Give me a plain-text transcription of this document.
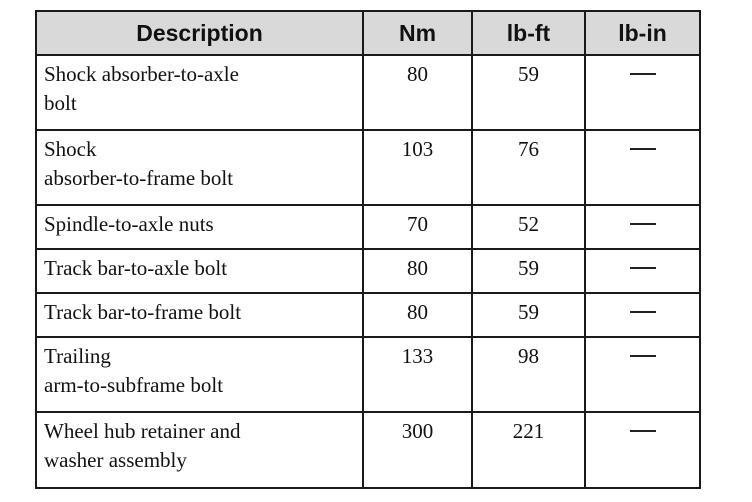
Description	Nm	lb-ft	lb-in
Shock absorber-to-axle
bolt	80	59	
Shock
absorber-to-frame bolt	103	76	
Spindle-to-axle nuts	70	52	
Track bar-to-axle bolt	80	59	
Track bar-to-frame bolt	80	59	
Trailing
arm-to-subframe bolt	133	98	
Wheel hub retainer and
washer assembly	300	221	
